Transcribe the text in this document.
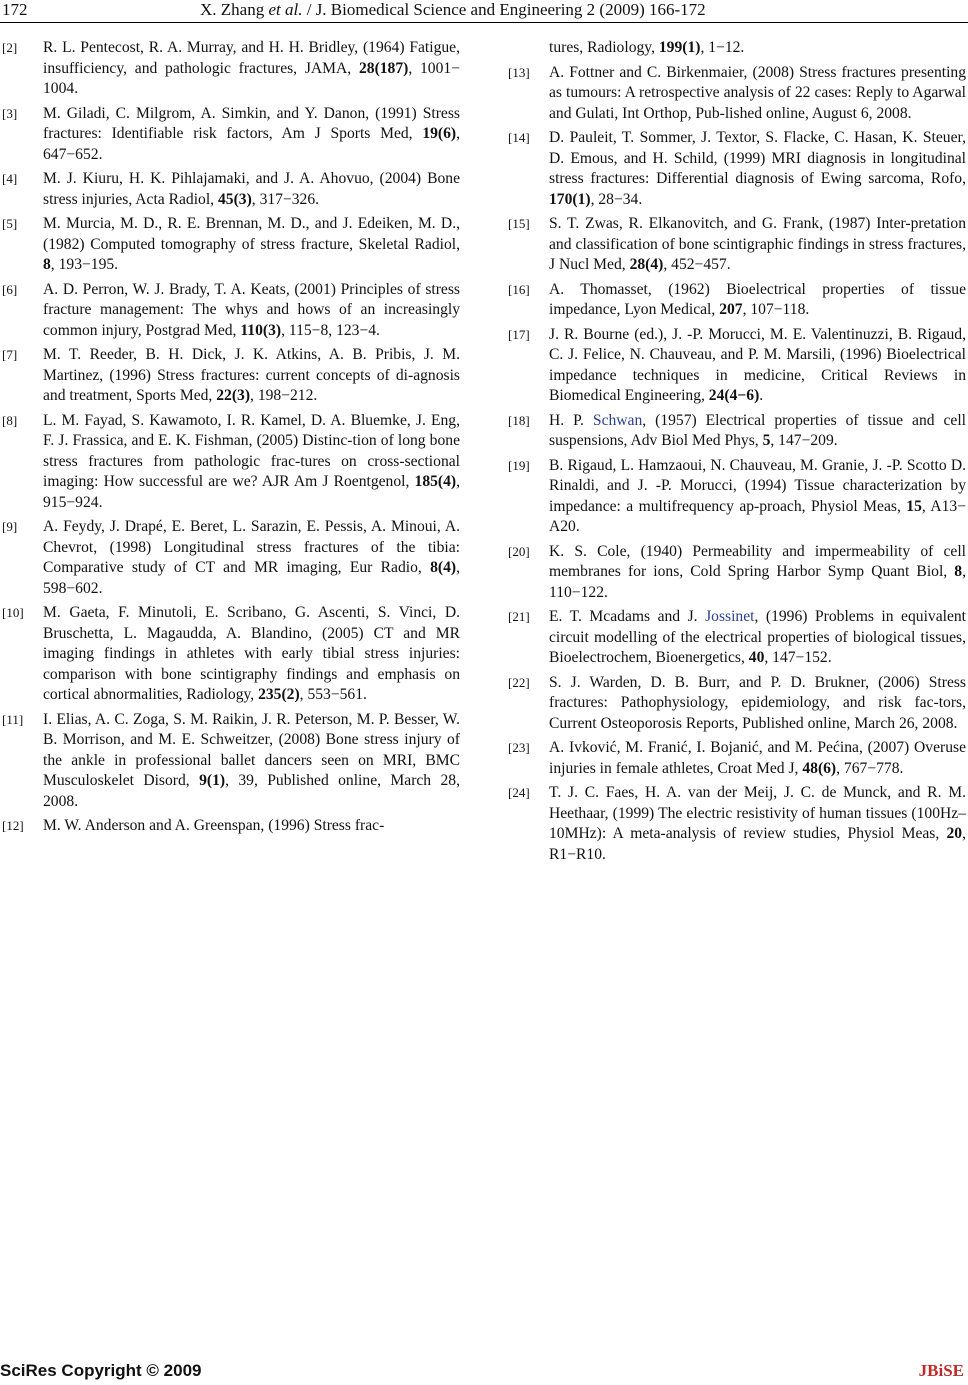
172	X. Zhang et al. / J. Biomedical Science and Engineering 2 (2009) 166-172
[2]	R. L. Pentecost, R. A. Murray, and H. H. Bridley, (1964) Fatigue, insufficiency, and pathologic fractures, JAMA, 28(187), 1001− 1004.
[3]	M. Giladi, C. Milgrom, A. Simkin, and Y. Danon, (1991) Stress fractures: Identifiable risk factors, Am J Sports Med, 19(6), 647−652.
[4]	M. J. Kiuru, H. K. Pihlajamaki, and J. A. Ahovuo, (2004) Bone stress injuries, Acta Radiol, 45(3), 317−326.
[5]	M. Murcia, M. D., R. E. Brennan, M. D., and J. Edeiken, M. D., (1982) Computed tomography of stress fracture, Skeletal Radiol, 8, 193−195.
[6]	A. D. Perron, W. J. Brady, T. A. Keats, (2001) Principles of stress fracture management: The whys and hows of an increasingly common injury, Postgrad Med, 110(3), 115−8, 123−4.
[7]	M. T. Reeder, B. H. Dick, J. K. Atkins, A. B. Pribis, J. M. Martinez, (1996) Stress fractures: current concepts of di-agnosis and treatment, Sports Med, 22(3), 198−212.
[8]	L. M. Fayad, S. Kawamoto, I. R. Kamel, D. A. Bluemke, J. Eng, F. J. Frassica, and E. K. Fishman, (2005) Distinc-tion of long bone stress fractures from pathologic frac-tures on cross-sectional imaging: How successful are we? AJR Am J Roentgenol, 185(4), 915−924.
[9]	A. Feydy, J. Drapé, E. Beret, L. Sarazin, E. Pessis, A. Minoui, A. Chevrot, (1998) Longitudinal stress fractures of the tibia: Comparative study of CT and MR imaging, Eur Radio, 8(4), 598−602.
[10]	M. Gaeta, F. Minutoli, E. Scribano, G. Ascenti, S. Vinci, D. Bruschetta, L. Magaudda, A. Blandino, (2005) CT and MR imaging findings in athletes with early tibial stress injuries: comparison with bone scintigraphy findings and emphasis on cortical abnormalities, Radiology, 235(2), 553−561.
[11]	I. Elias, A. C. Zoga, S. M. Raikin, J. R. Peterson, M. P. Besser, W. B. Morrison, and M. E. Schweitzer, (2008) Bone stress injury of the ankle in professional ballet dancers seen on MRI, BMC Musculoskelet Disord, 9(1), 39, Published online, March 28, 2008.
[12]	M. W. Anderson and A. Greenspan, (1996) Stress frac-
tures, Radiology, 199(1), 1−12.
[13]	A. Fottner and C. Birkenmaier, (2008) Stress fractures presenting as tumours: A retrospective analysis of 22 cases: Reply to Agarwal and Gulati, Int Orthop, Pub-lished online, August 6, 2008.
[14]	D. Pauleit, T. Sommer, J. Textor, S. Flacke, C. Hasan, K. Steuer, D. Emous, and H. Schild, (1999) MRI diagnosis in longitudinal stress fractures: Differential diagnosis of Ewing sarcoma, Rofo, 170(1), 28−34.
[15]	S. T. Zwas, R. Elkanovitch, and G. Frank, (1987) Inter-pretation and classification of bone scintigraphic findings in stress fractures, J Nucl Med, 28(4), 452−457.
[16]	A. Thomasset, (1962) Bioelectrical properties of tissue impedance, Lyon Medical, 207, 107−118.
[17]	J. R. Bourne (ed.), J. -P. Morucci, M. E. Valentinuzzi, B. Rigaud, C. J. Felice, N. Chauveau, and P. M. Marsili, (1996) Bioelectrical impedance techniques in medicine, Critical Reviews in Biomedical Engineering, 24(4−6).
[18]	H. P. Schwan, (1957) Electrical properties of tissue and cell suspensions, Adv Biol Med Phys, 5, 147−209.
[19]	B. Rigaud, L. Hamzaoui, N. Chauveau, M. Granie, J. -P. Scotto D. Rinaldi, and J. -P. Morucci, (1994) Tissue characterization by impedance: a multifrequency ap-proach, Physiol Meas, 15, A13− A20.
[20]	K. S. Cole, (1940) Permeability and impermeability of cell membranes for ions, Cold Spring Harbor Symp Quant Biol, 8, 110−122.
[21]	E. T. Mcadams and J. Jossinet, (1996) Problems in equivalent circuit modelling of the electrical properties of biological tissues, Bioelectrochem, Bioenergetics, 40, 147−152.
[22]	S. J. Warden, D. B. Burr, and P. D. Brukner, (2006) Stress fractures: Pathophysiology, epidemiology, and risk fac-tors, Current Osteoporosis Reports, Published online, March 26, 2008.
[23]	A. Ivković, M. Franić, I. Bojanić, and M. Pećina, (2007) Overuse injuries in female athletes, Croat Med J, 48(6), 767−778.
[24]	T. J. C. Faes, H. A. van der Meij, J. C. de Munck, and R. M. Heethaar, (1999) The electric resistivity of human tissues (100Hz–10MHz): A meta-analysis of review studies, Physiol Meas, 20, R1−R10.
SciRes Copyright © 2009	JBiSE
